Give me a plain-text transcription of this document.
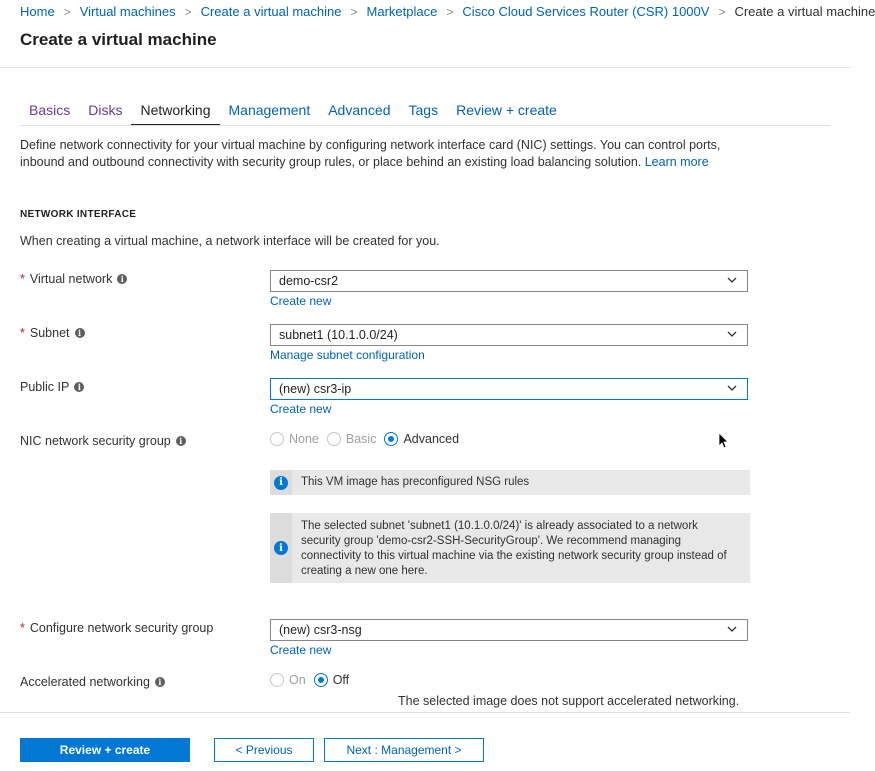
Home > Virtual machines > Create a virtual machine > Marketplace > Cisco Cloud Services Router (CSR) 1000V > Create a virtual machine
Create a virtual machine
Basics	Disks	Networking	Management	Advanced	Tags	Review + create
Define network connectivity for your virtual machine by configuring network interface card (NIC) settings. You can control ports, inbound and outbound connectivity with security group rules, or place behind an existing load balancing solution. Learn more
NETWORK INTERFACE
When creating a virtual machine, a network interface will be created for you.
* Virtual network	i	demo-csr2
Create new
* Subnet	i	subnet1 (10.1.0.0/24)
Manage subnet configuration
Public IP	i	(new) csr3-ip
Create new
NIC network security group	i	None Basic Advanced
i	This VM image has preconfigured NSG rules
i
The selected subnet 'subnet1 (10.1.0.0/24)' is already associated to a network security group 'demo-csr2-SSH-SecurityGroup'. We recommend managing connectivity to this virtual machine via the existing network security group instead of creating a new one here.
* Configure network security group	(new) csr3-nsg
Create new
Accelerated networking	i	On Off
The selected image does not support accelerated networking.
Review + create	< Previous	Next : Management >
